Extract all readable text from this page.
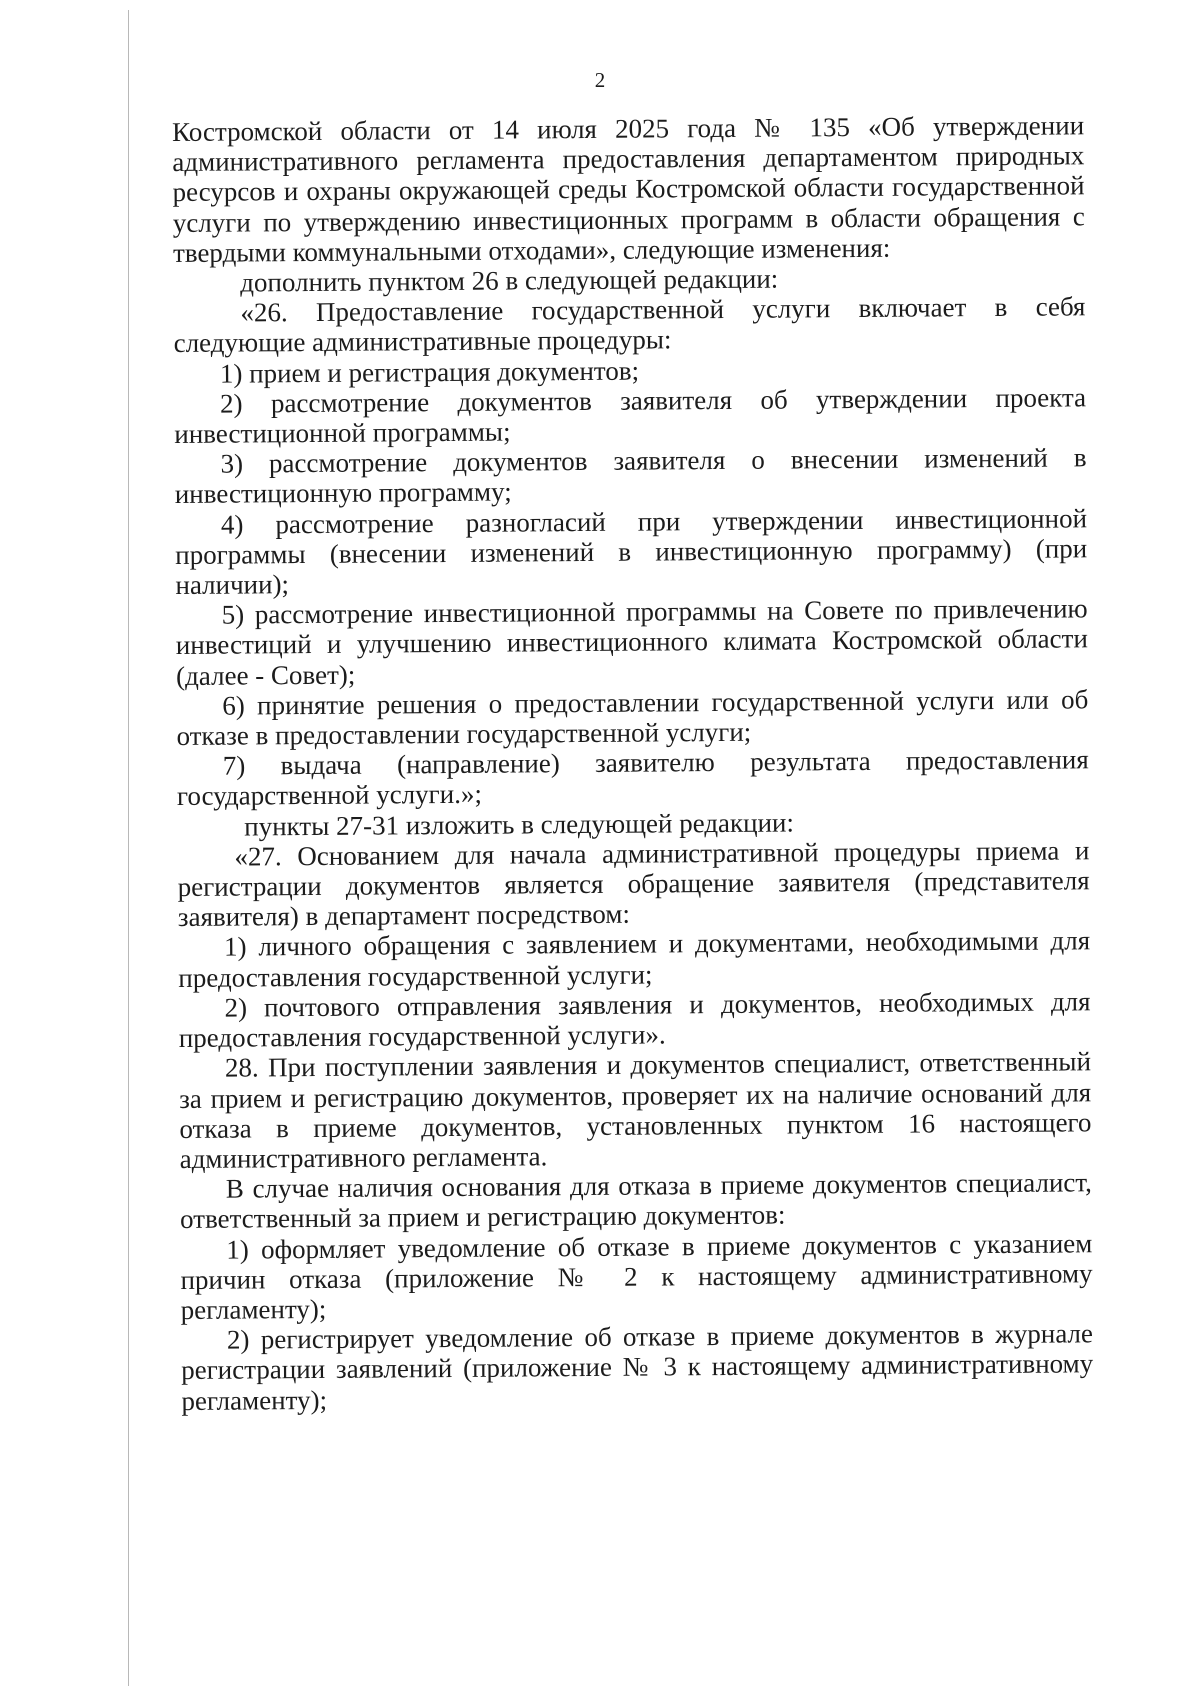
2

Костромской области от 14 июля 2025 года № 135 «Об утверждении административного регламента предоставления департаментом природных ресурсов и охраны окружающей среды Костромской области государственной услуги по утверждению инвестиционных программ в области обращения с твердыми коммунальными отходами», следующие изменения:

дополнить пунктом 26 в следующей редакции:

«26. Предоставление государственной услуги включает в себя следующие административные процедуры:

1) прием и регистрация документов;

2) рассмотрение документов заявителя об утверждении проекта инвестиционной программы;

3) рассмотрение документов заявителя о внесении изменений в инвестиционную программу;

4) рассмотрение разногласий при утверждении инвестиционной программы (внесении изменений в инвестиционную программу) (при наличии);

5) рассмотрение инвестиционной программы на Совете по привлечению инвестиций и улучшению инвестиционного климата Костромской области (далее - Совет);

6) принятие решения о предоставлении государственной услуги или об отказе в предоставлении государственной услуги;

7) выдача (направление) заявителю результата предоставления государственной услуги.»;

пункты 27-31 изложить в следующей редакции:

«27. Основанием для начала административной процедуры приема и регистрации документов является обращение заявителя (представителя заявителя) в департамент посредством:

1) личного обращения с заявлением и документами, необходимыми для предоставления государственной услуги;

2) почтового отправления заявления и документов, необходимых для предоставления государственной услуги».

28. При поступлении заявления и документов специалист, ответственный за прием и регистрацию документов, проверяет их на наличие оснований для отказа в приеме документов, установленных пунктом 16 настоящего административного регламента.

В случае наличия основания для отказа в приеме документов специалист, ответственный за прием и регистрацию документов:

1) оформляет уведомление об отказе в приеме документов с указанием причин отказа (приложение № 2 к настоящему административному регламенту);

2) регистрирует уведомление об отказе в приеме документов в журнале регистрации заявлений (приложение № 3 к настоящему административному регламенту);
